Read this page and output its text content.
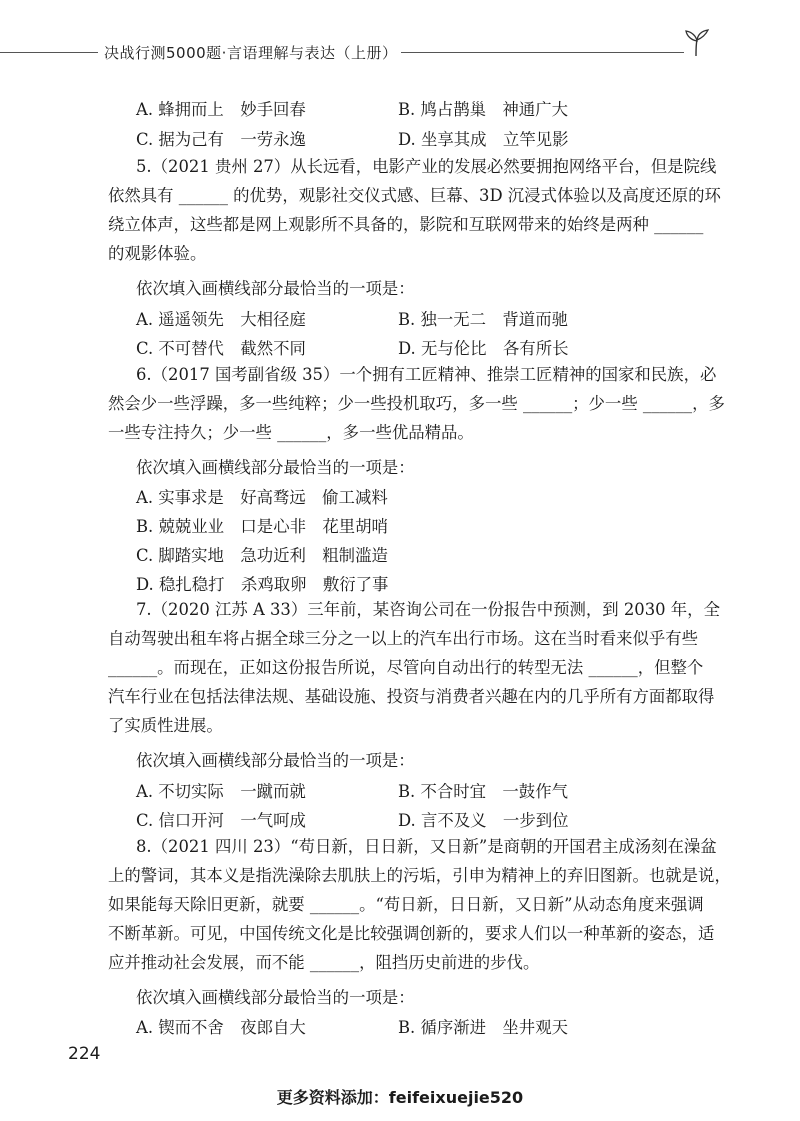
决战行测5000题·言语理解与表达（上册）
A. 蜂拥而上　妙手回春	B. 鸠占鹊巢　神通广大
C. 据为己有　一劳永逸	D. 坐享其成　立竿见影
5.（2021 贵州 27）从长远看，电影产业的发展必然要拥抱网络平台，但是院线
依然具有 ______ 的优势，观影社交仪式感、巨幕、3D 沉浸式体验以及高度还原的环
绕立体声，这些都是网上观影所不具备的，影院和互联网带来的始终是两种 ______
的观影体验。
依次填入画横线部分最恰当的一项是：
A. 遥遥领先　大相径庭	B. 独一无二　背道而驰
C. 不可替代　截然不同	D. 无与伦比　各有所长
6.（2017 国考副省级 35）一个拥有工匠精神、推崇工匠精神的国家和民族，必
然会少一些浮躁，多一些纯粹；少一些投机取巧，多一些 ______；少一些 ______，多
一些专注持久；少一些 ______，多一些优品精品。
依次填入画横线部分最恰当的一项是：
A. 实事求是　好高骛远　偷工减料
B. 兢兢业业　口是心非　花里胡哨
C. 脚踏实地　急功近利　粗制滥造
D. 稳扎稳打　杀鸡取卵　敷衍了事
7.（2020 江苏 A 33）三年前，某咨询公司在一份报告中预测，到 2030 年，全
自动驾驶出租车将占据全球三分之一以上的汽车出行市场。这在当时看来似乎有些
______。而现在，正如这份报告所说，尽管向自动出行的转型无法 ______，但整个
汽车行业在包括法律法规、基础设施、投资与消费者兴趣在内的几乎所有方面都取得
了实质性进展。
依次填入画横线部分最恰当的一项是：
A. 不切实际　一蹴而就	B. 不合时宜　一鼓作气
C. 信口开河　一气呵成	D. 言不及义　一步到位
8.（2021 四川 23）“苟日新，日日新，又日新”是商朝的开国君主成汤刻在澡盆
上的警词，其本义是指洗澡除去肌肤上的污垢，引申为精神上的弃旧图新。也就是说，
如果能每天除旧更新，就要 ______。“苟日新，日日新，又日新”从动态角度来强调
不断革新。可见，中国传统文化是比较强调创新的，要求人们以一种革新的姿态，适
应并推动社会发展，而不能 ______，阻挡历史前进的步伐。
依次填入画横线部分最恰当的一项是：
A. 锲而不舍　夜郎自大	B. 循序渐进　坐井观天
224
更多资料添加：feifeixuejie520
